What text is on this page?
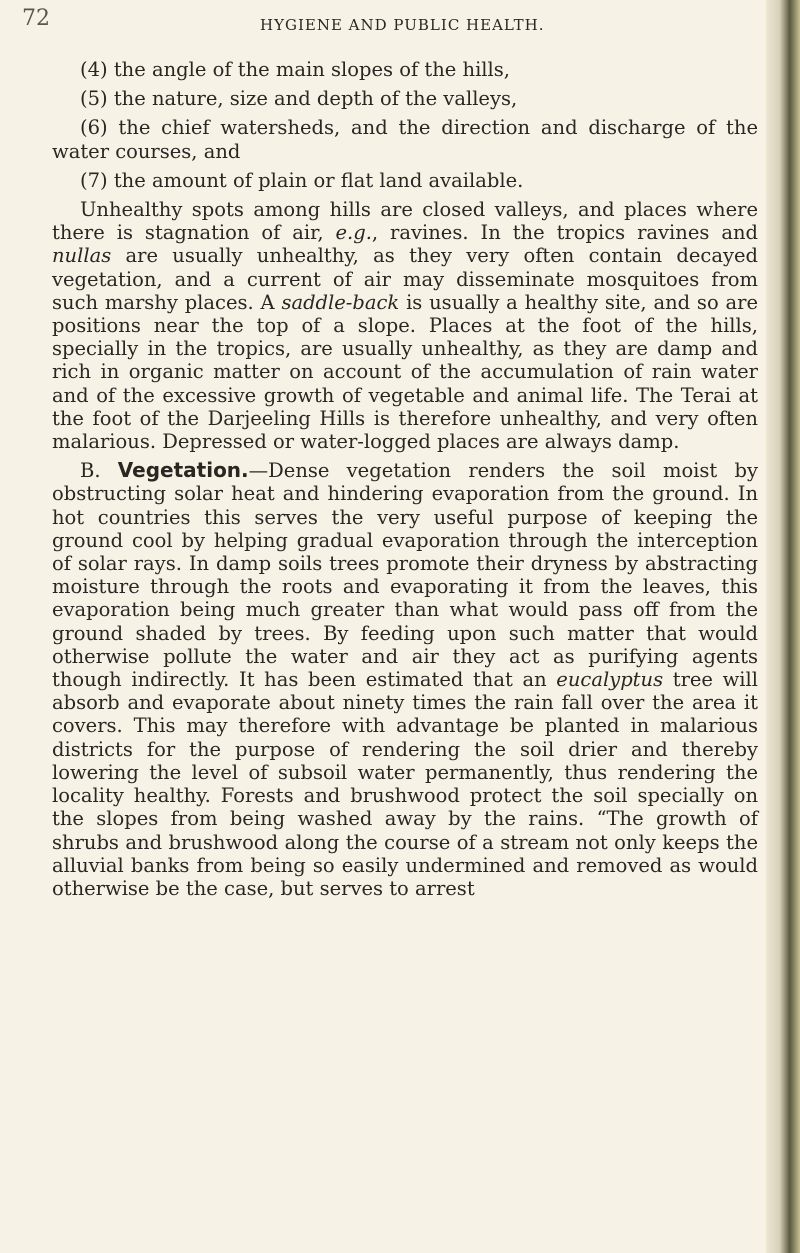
72	HYGIENE AND PUBLIC HEALTH.

(4) the angle of the main slopes of the hills,

(5) the nature, size and depth of the valleys,

(6) the chief watersheds, and the direction and discharge of the water courses, and

(7) the amount of plain or flat land available.

Unhealthy spots among hills are closed valleys, and places where there is stagnation of air, e.g., ravines. In the tropics ravines and nullas are usually unhealthy, as they very often contain decayed vegetation, and a current of air may disseminate mosquitoes from such marshy places. A saddle-back is usually a healthy site, and so are positions near the top of a slope. Places at the foot of the hills, specially in the tropics, are usually unhealthy, as they are damp and rich in organic matter on account of the accumulation of rain water and of the excessive growth of vegetable and animal life. The Terai at the foot of the Darjeeling Hills is therefore unhealthy, and very often malarious. Depressed or water-logged places are always damp.

B. Vegetation.—Dense vegetation renders the soil moist by obstructing solar heat and hindering evaporation from the ground. In hot countries this serves the very useful purpose of keeping the ground cool by helping gradual evaporation through the interception of solar rays. In damp soils trees promote their dryness by abstracting moisture through the roots and evaporating it from the leaves, this evaporation being much greater than what would pass off from the ground shaded by trees. By feeding upon such matter that would otherwise pollute the water and air they act as purifying agents though indirectly. It has been estimated that an eucalyptus tree will absorb and evaporate about ninety times the rain fall over the area it covers. This may therefore with advantage be planted in malarious districts for the purpose of rendering the soil drier and thereby lowering the level of subsoil water permanently, thus rendering the locality healthy. Forests and brushwood protect the soil specially on the slopes from being washed away by the rains. “The growth of shrubs and brushwood along the course of a stream not only keeps the alluvial banks from being so easily undermined and removed as would otherwise be the case, but serves to arrest
